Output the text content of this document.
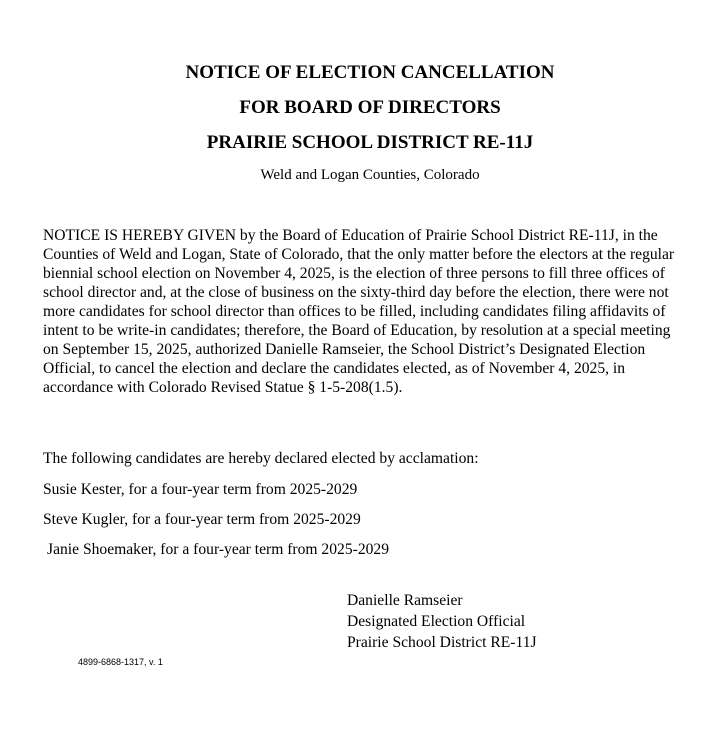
NOTICE OF ELECTION CANCELLATION
FOR BOARD OF DIRECTORS
PRAIRIE SCHOOL DISTRICT RE-11J
Weld and Logan Counties, Colorado

NOTICE IS HEREBY GIVEN by the Board of Education of Prairie School District RE-11J, in the Counties of Weld and Logan, State of Colorado, that the only matter before the electors at the regular biennial school election on November 4, 2025, is the election of three persons to fill three offices of school director and, at the close of business on the sixty-third day before the election, there were not more candidates for school director than offices to be filled, including candidates filing affidavits of intent to be write-in candidates; therefore, the Board of Education, by resolution at a special meeting on September 15, 2025, authorized Danielle Ramseier, the School District’s Designated Election Official, to cancel the election and declare the candidates elected, as of November 4, 2025, in accordance with Colorado Revised Statue § 1-5-208(1.5).

The following candidates are hereby declared elected by acclamation:
Susie Kester, for a four-year term from 2025-2029
Steve Kugler, for a four-year term from 2025-2029
Janie Shoemaker, for a four-year term from 2025-2029
Danielle Ramseier
Designated Election Official
Prairie School District RE-11J
4899-6868-1317, v. 1
